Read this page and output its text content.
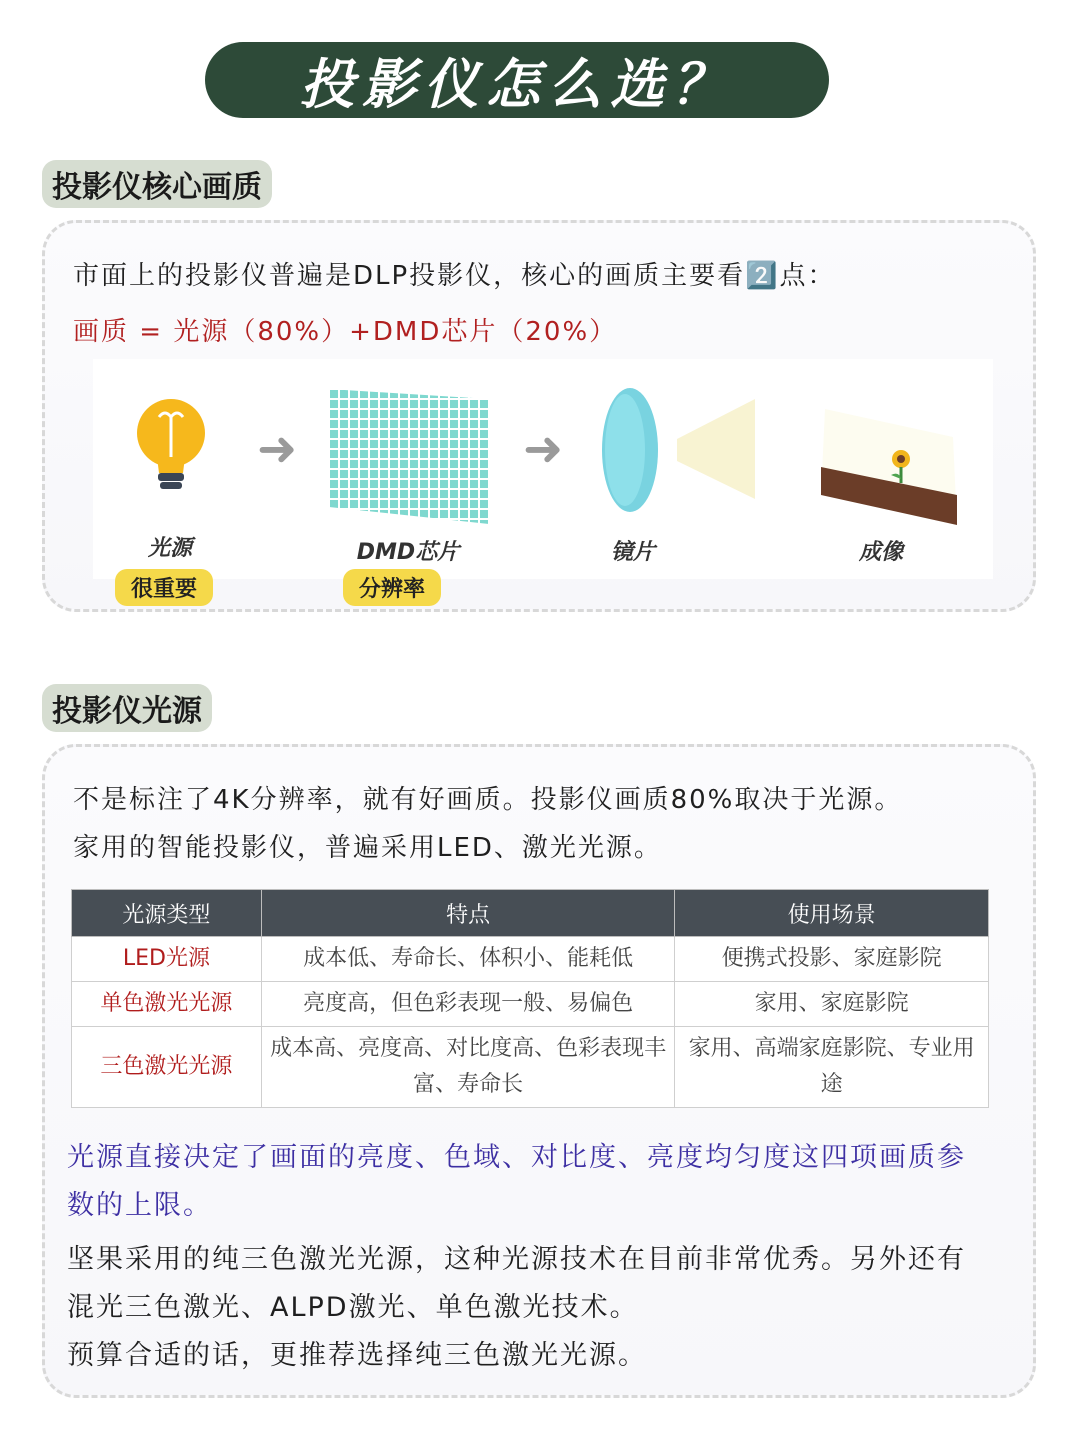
投影仪怎么选？
投影仪核心画质
市面上的投影仪普遍是DLP投影仪，核心的画质主要看2️⃣点：
画质 = 光源（80%）+DMD芯片（20%）
➜	➜
光源	DMD芯片	镜片	成像
很重要	分辨率
投影仪光源
不是标注了4K分辨率，就有好画质。投影仪画质80%取决于光源。
家用的智能投影仪，普遍采用LED、激光光源。
光源类型	特点	使用场景
LED光源	成本低、寿命长、体积小、能耗低	便携式投影、家庭影院
单色激光光源	亮度高，但色彩表现一般、易偏色	家用、家庭影院
三色激光光源	成本高、亮度高、对比度高、色彩表现丰富、寿命长	家用、高端家庭影院、专业用途
光源直接决定了画面的亮度、色域、对比度、亮度均匀度这四项画质参
数的上限。
坚果采用的纯三色激光光源，这种光源技术在目前非常优秀。另外还有
混光三色激光、ALPD激光、单色激光技术。
预算合适的话，更推荐选择纯三色激光光源。
